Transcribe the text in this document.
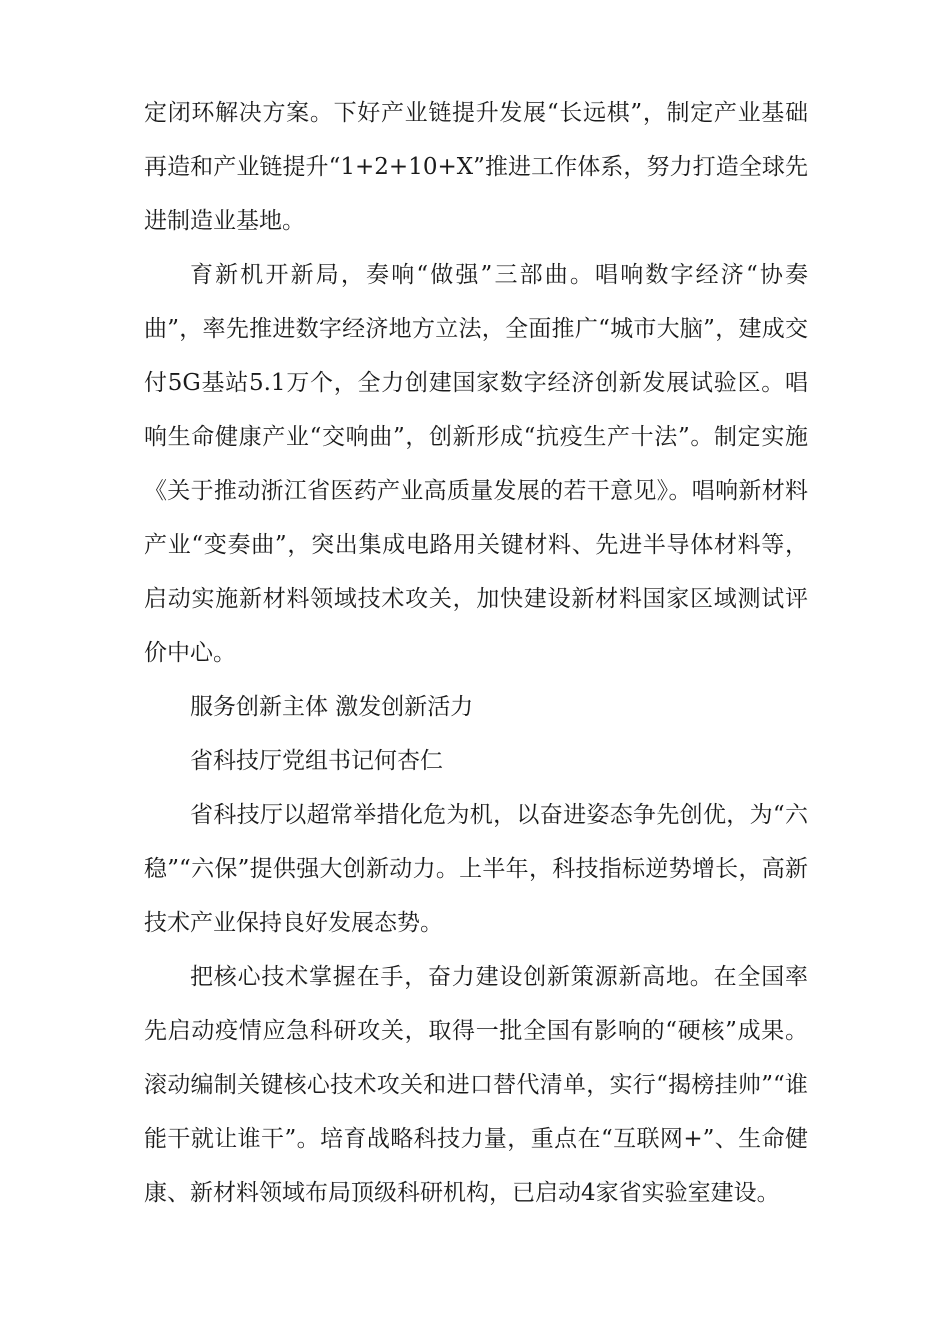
定闭环解决方案。下好产业链提升发展“长远棋”，制定产业基础再造和产业链提升“1+2+10+X”推进工作体系，努力打造全球先进制造业基地。

育新机开新局，奏响“做强”三部曲。唱响数字经济“协奏曲”，率先推进数字经济地方立法，全面推广“城市大脑”，建成交付5G基站5.1万个，全力创建国家数字经济创新发展试验区。唱响生命健康产业“交响曲”，创新形成“抗疫生产十法”。制定实施《关于推动浙江省医药产业高质量发展的若干意见》。唱响新材料产业“变奏曲”，突出集成电路用关键材料、先进半导体材料等，启动实施新材料领域技术攻关，加快建设新材料国家区域测试评价中心。

服务创新主体 激发创新活力

省科技厅党组书记何杏仁

省科技厅以超常举措化危为机，以奋进姿态争先创优，为“六稳”“六保”提供强大创新动力。上半年，科技指标逆势增长，高新技术产业保持良好发展态势。

把核心技术掌握在手，奋力建设创新策源新高地。在全国率先启动疫情应急科研攻关，取得一批全国有影响的“硬核”成果。滚动编制关键核心技术攻关和进口替代清单，实行“揭榜挂帅”“谁能干就让谁干”。培育战略科技力量，重点在“互联网+”、生命健康、新材料领域布局顶级科研机构，已启动4家省实验室建设。
